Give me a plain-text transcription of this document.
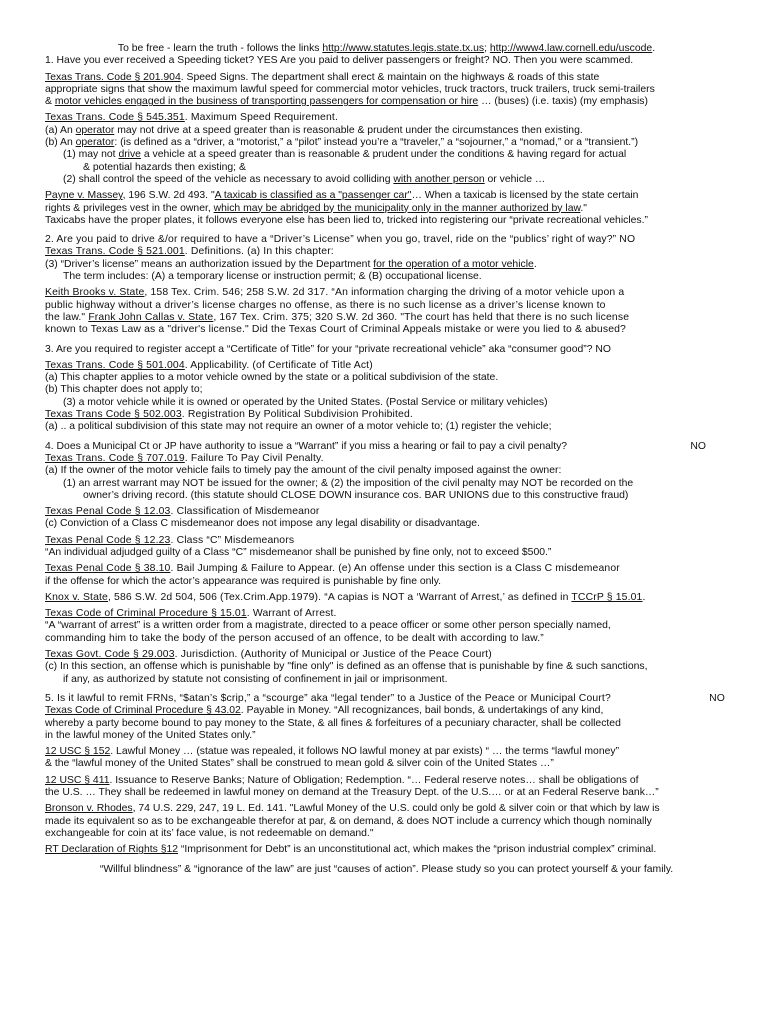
To be free - learn the truth - follows the links http://www.statutes.legis.state.tx.us; http://www4.law.cornell.edu/uscode.
1. Have you ever received a Speeding ticket? YES Are you paid to deliver passengers or freight? NO. Then you were scammed.
Texas Trans. Code § 201.904. Speed Signs. The department shall erect & maintain on the highways & roads of this state
appropriate signs that show the maximum lawful speed for commercial motor vehicles, truck tractors, truck trailers, truck semi-trailers
& motor vehicles engaged in the business of transporting passengers for compensation or hire … (buses) (i.e. taxis) (my emphasis)
Texas Trans. Code § 545.351. Maximum Speed Requirement.
(a) An operator may not drive at a speed greater than is reasonable & prudent under the circumstances then existing.
(b) An operator: (is defined as a “driver, a “motorist,” a “pilot” instead you’re a “traveler,” a “sojourner,” a “nomad,” or a “transient.”)
(1) may not drive a vehicle at a speed greater than is reasonable & prudent under the conditions & having regard for actual
& potential hazards then existing; &
(2) shall control the speed of the vehicle as necessary to avoid colliding with another person or vehicle …
Payne v. Massey, 196 S.W. 2d 493. "A taxicab is classified as a "passenger car"… When a taxicab is licensed by the state certain
rights & privileges vest in the owner, which may be abridged by the municipality only in the manner authorized by law."
Taxicabs have the proper plates, it follows everyone else has been lied to, tricked into registering our “private recreational vehicles.”
2. Are you paid to drive &/or required to have a “Driver’s License” when you go, travel, ride on the “publics’ right of way?” NO
Texas Trans. Code § 521.001. Definitions. (a) In this chapter:
(3) “Driver’s license” means an authorization issued by the Department for the operation of a motor vehicle.
The term includes: (A) a temporary license or instruction permit; & (B) occupational license.
Keith Brooks v. State, 158 Tex. Crim. 546; 258 S.W. 2d 317. “An information charging the driving of a motor vehicle upon a
public highway without a driver’s license charges no offense, as there is no such license as a driver’s license known to
the law." Frank John Callas v. State, 167 Tex. Crim. 375; 320 S.W. 2d 360. "The court has held that there is no such license
known to Texas Law as a "driver's license." Did the Texas Court of Criminal Appeals mistake or were you lied to & abused?
3. Are you required to register accept a “Certificate of Title” for your “private recreational vehicle” aka “consumer good”? NO
Texas Trans. Code § 501.004. Applicability. (of Certificate of Title Act)
(a) This chapter applies to a motor vehicle owned by the state or a political subdivision of the state.
(b) This chapter does not apply to;
(3) a motor vehicle while it is owned or operated by the United States. (Postal Service or military vehicles)
Texas Trans Code § 502.003. Registration By Political Subdivision Prohibited.
(a) .. a political subdivision of this state may not require an owner of a motor vehicle to; (1) register the vehicle;
4. Does a Municipal Ct or JP have authority to issue a “Warrant” if you miss a hearing or fail to pay a civil penalty?	NO
Texas Trans. Code § 707.019. Failure To Pay Civil Penalty.
(a) If the owner of the motor vehicle fails to timely pay the amount of the civil penalty imposed against the owner:
(1) an arrest warrant may NOT be issued for the owner; & (2) the imposition of the civil penalty may NOT be recorded on the
owner’s driving record. (this statute should CLOSE DOWN insurance cos. BAR UNIONS due to this constructive fraud)
Texas Penal Code § 12.03. Classification of Misdemeanor
(c) Conviction of a Class C misdemeanor does not impose any legal disability or disadvantage.
Texas Penal Code § 12.23. Class “C” Misdemeanors
“An individual adjudged guilty of a Class “C” misdemeanor shall be punished by fine only, not to exceed $500.”
Texas Penal Code § 38.10. Bail Jumping & Failure to Appear. (e) An offense under this section is a Class C misdemeanor
if the offense for which the actor’s appearance was required is punishable by fine only.
Knox v. State, 586 S.W. 2d 504, 506 (Tex.Crim.App.1979). “A capias is NOT a ‘Warrant of Arrest,’ as defined in TCCrP § 15.01.
Texas Code of Criminal Procedure § 15.01. Warrant of Arrest.
“A “warrant of arrest” is a written order from a magistrate, directed to a peace officer or some other person specially named,
commanding him to take the body of the person accused of an offence, to be dealt with according to law.”
Texas Govt. Code § 29.003. Jurisdiction. (Authority of Municipal or Justice of the Peace Court)
(c) In this section, an offense which is punishable by "fine only" is defined as an offense that is punishable by fine & such sanctions,
if any, as authorized by statute not consisting of confinement in jail or imprisonment.
5. Is it lawful to remit FRNs, “$atan’s $crip,” a “scourge” aka “legal tender” to a Justice of the Peace or Municipal Court?	NO
Texas Code of Criminal Procedure § 43.02. Payable in Money. “All recognizances, bail bonds, & undertakings of any kind,
whereby a party become bound to pay money to the State, & all fines & forfeitures of a pecuniary character, shall be collected
in the lawful money of the United States only.”
12 USC § 152. Lawful Money … (statue was repealed, it follows NO lawful money at par exists) “ … the terms “lawful money”
& the “lawful money of the United States” shall be construed to mean gold & silver coin of the United States …”
12 USC § 411. Issuance to Reserve Banks; Nature of Obligation; Redemption. “… Federal reserve notes… shall be obligations of
the U.S. … They shall be redeemed in lawful money on demand at the Treasury Dept. of the U.S.… or at an Federal Reserve bank…”
Bronson v. Rhodes, 74 U.S. 229, 247, 19 L. Ed. 141. "Lawful Money of the U.S. could only be gold & silver coin or that which by law is
made its equivalent so as to be exchangeable therefor at par, & on demand, & does NOT include a currency which though nominally
exchangeable for coin at its’ face value, is not redeemable on demand."
RT Declaration of Rights §12 “Imprisonment for Debt” is an unconstitutional act, which makes the “prison industrial complex” criminal.
“Willful blindness” & “ignorance of the law” are just “causes of action”. Please study so you can protect yourself & your family.
